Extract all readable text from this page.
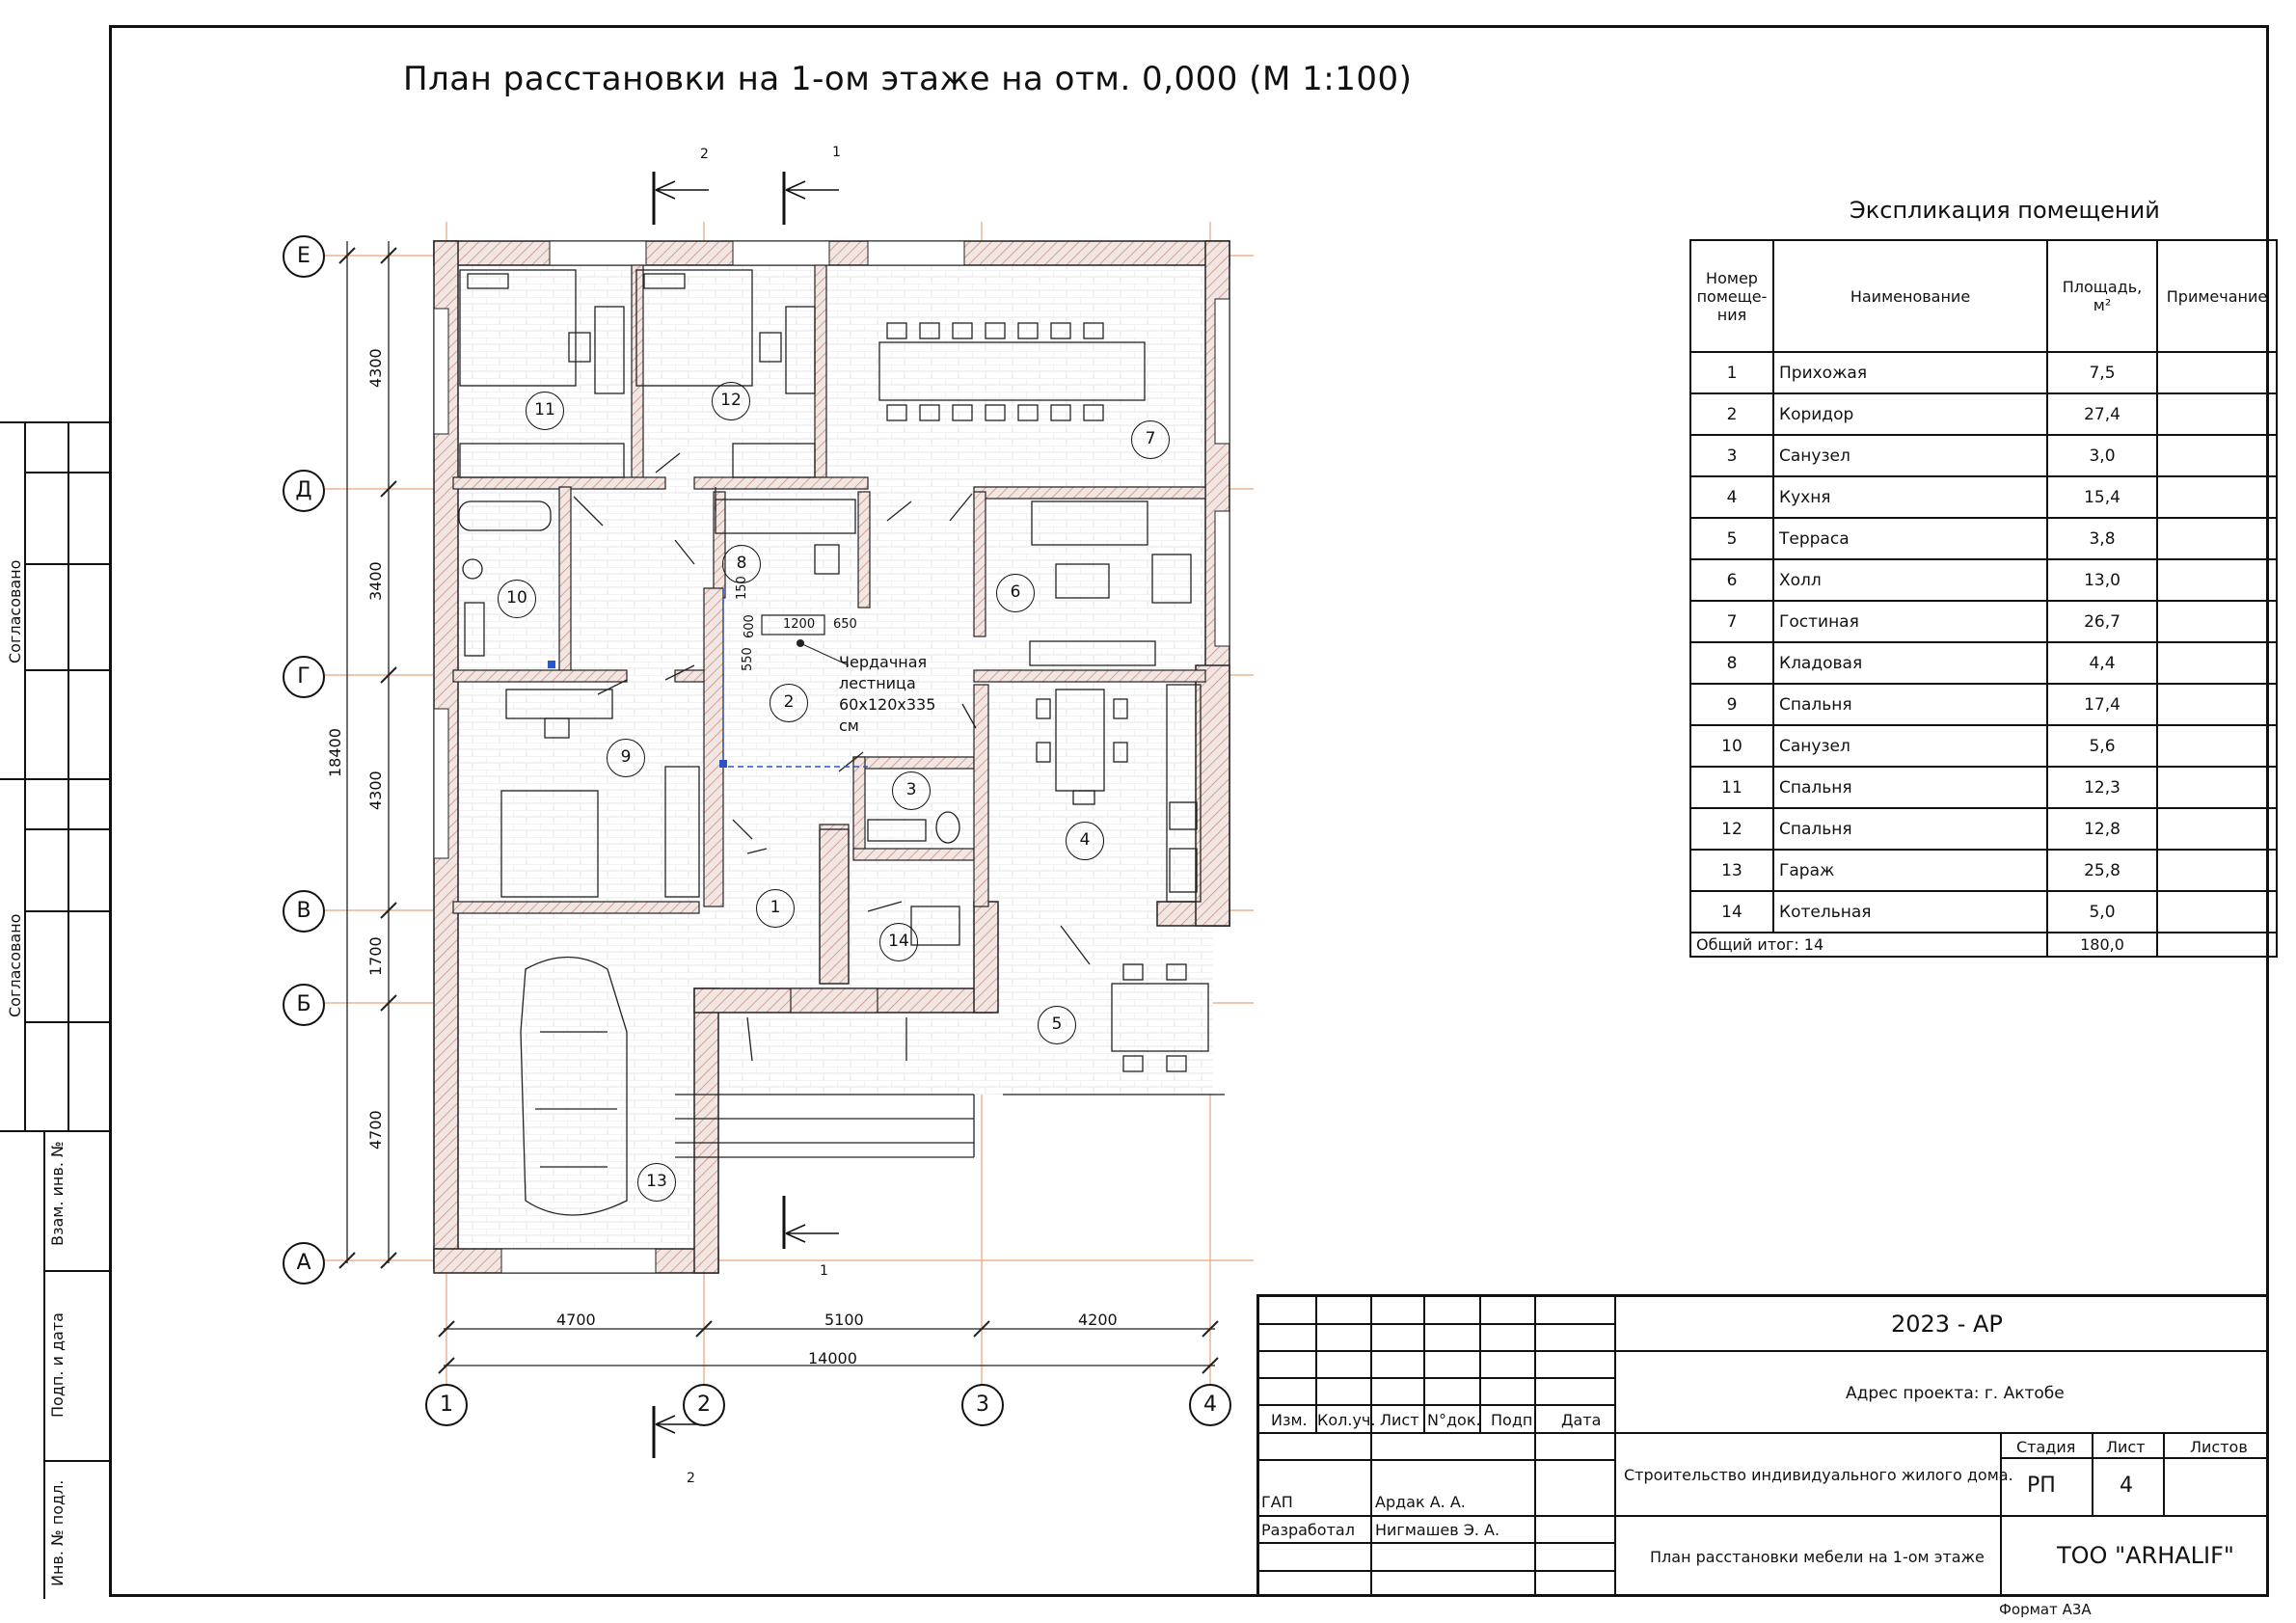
Согласовано
Согласовано
Взам. инв. №
Подп. и дата
Инв. № подл.
План расстановки на 1-ом этаже на отм. 0,000 (М 1:100)
2	1
1
2
Е
Д
Г
В
Б
А
1	2	3	4
4300
3400
4300
1700
4700
18400
4700	5100	4200
14000
11	12
7
10
8
6
2
9
3
4
1
14
5
13
1200 650
150
600
550	Чердачная лестница 60х120х335 см
Экспликация помещений
Номер помеще- ния	Наименование	Площадь, м²	Примечание
1	Прихожая	7,5	
2	Коридор	27,4	
3	Санузел	3,0	
4	Кухня	15,4	
5	Терраса	3,8	
6	Холл	13,0	
7	Гостиная	26,7	
8	Кладовая	4,4	
9	Спальня	17,4	
10	Санузел	5,6	
11	Спальня	12,3	
12	Спальня	12,8	
13	Гараж	25,8	
14	Котельная	5,0	
Общий итог: 14		180,0	
2023 - АР
Адрес проекта: г. Актобе
Изм. Кол.уч. Лист N°док. Подп. Дата
Строительство индивидуального жилого дома.
Стадия Лист	Листов
РП	4
ГАП	Ардак А. А.
Разработал Нигмашев Э. А.
План расстановки мебели на 1-ом этаже	ТОО "ARHALIF"
Формат А3А
